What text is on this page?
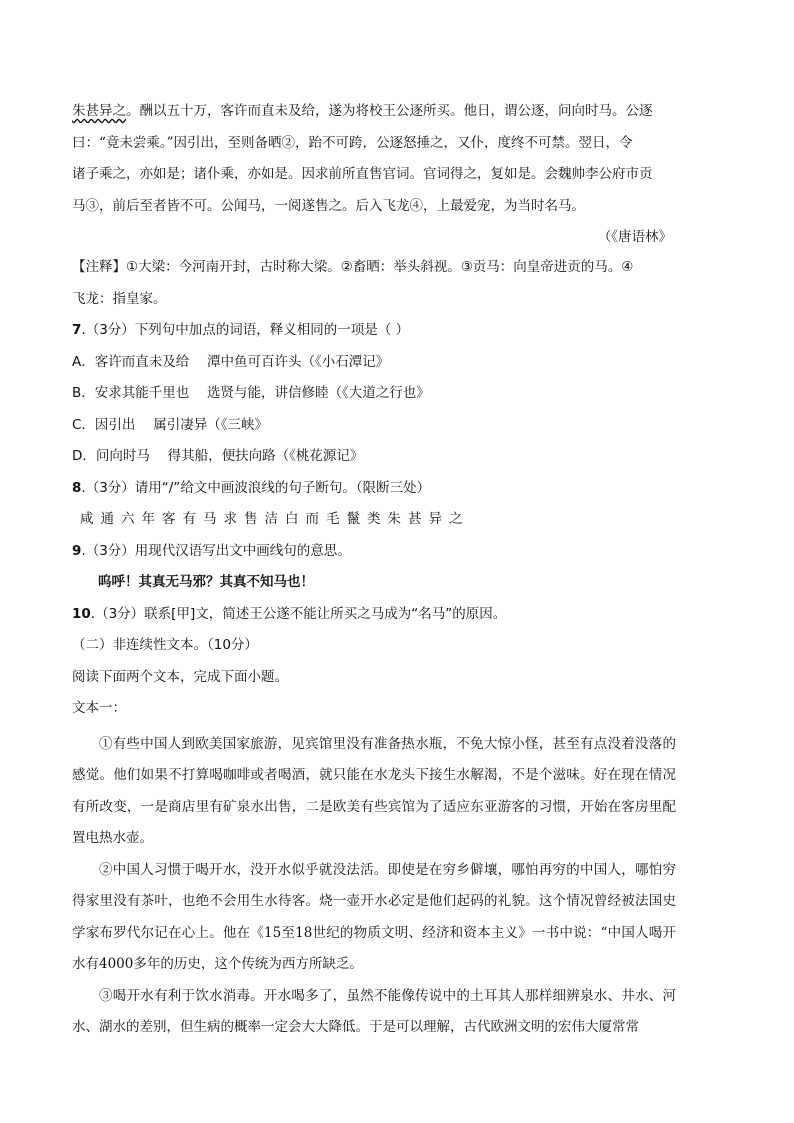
朱甚异之。酬以五十万，客许而直未及给，遂为将校王公逐所买。他日，谓公逐，问向时马。公逐

曰：“竟未尝乘。”因引出，至则备晒②，跆不可跨，公逐怒捶之，又仆，度终不可禁。翌日，令

诸子乘之，亦如是；诸仆乘，亦如是。因求前所直售官词。官词得之，复如是。会魏帅李公府市贡

马③，前后至者皆不可。公闻马，一阅遂售之。后入飞龙④，上最爱宠，为当时名马。

（《唐语林》

【注释】①大梁：今河南开封，古时称大梁。②畜晒：举头斜视。③贡马：向皇帝进贡的马。④

飞龙：指皇家。

7.（3分）下列句中加点的词语，释义相同的一项是（ ）

A．客许而直未及给　 潭中鱼可百许头（《小石潭记》

B．安求其能千里也　 选贤与能，讲信修睦（《大道之行也》

C．因引出　 属引凄异（《三峡》

D．问向时马　 得其船，便扶向路（《桃花源记》

8.（3分）请用“/”给文中画波浪线的句子断句。（限断三处）

咸通六年客有马求售洁白而毛鬣类朱甚异之

9.（3分）用现代汉语写出文中画线句的意思。

呜呼！其真无马邪？其真不知马也！

10.（3分）联系[甲]文，简述王公遂不能让所买之马成为“名马”的原因。

（二）非连续性文本。（10分）

阅读下面两个文本，完成下面小题。

文本一：

①有些中国人到欧美国家旅游，见宾馆里没有准备热水瓶，不免大惊小怪，甚至有点没着没落的感觉。他们如果不打算喝咖啡或者喝酒，就只能在水龙头下接生水解渴，不是个滋味。好在现在情况有所改变，一是商店里有矿泉水出售，二是欧美有些宾馆为了适应东亚游客的习惯，开始在客房里配置电热水壶。

②中国人习惯于喝开水，没开水似乎就没法活。即使是在穷乡僻壤，哪怕再穷的中国人，哪怕穷得家里没有茶叶，也绝不会用生水待客。烧一壶开水必定是他们起码的礼貌。这个情况曾经被法国史学家布罗代尔记在心上。他在《15至18世纪的物质文明、经济和资本主义》一书中说：“中国人喝开水有4000多年的历史，这个传统为西方所缺乏。

③喝开水有利于饮水消毒。开水喝多了，虽然不能像传说中的土耳其人那样细辨泉水、井水、河水、湖水的差别，但生病的概率一定会大大降低。于是可以理解，古代欧洲文明的宏伟大厦常常
